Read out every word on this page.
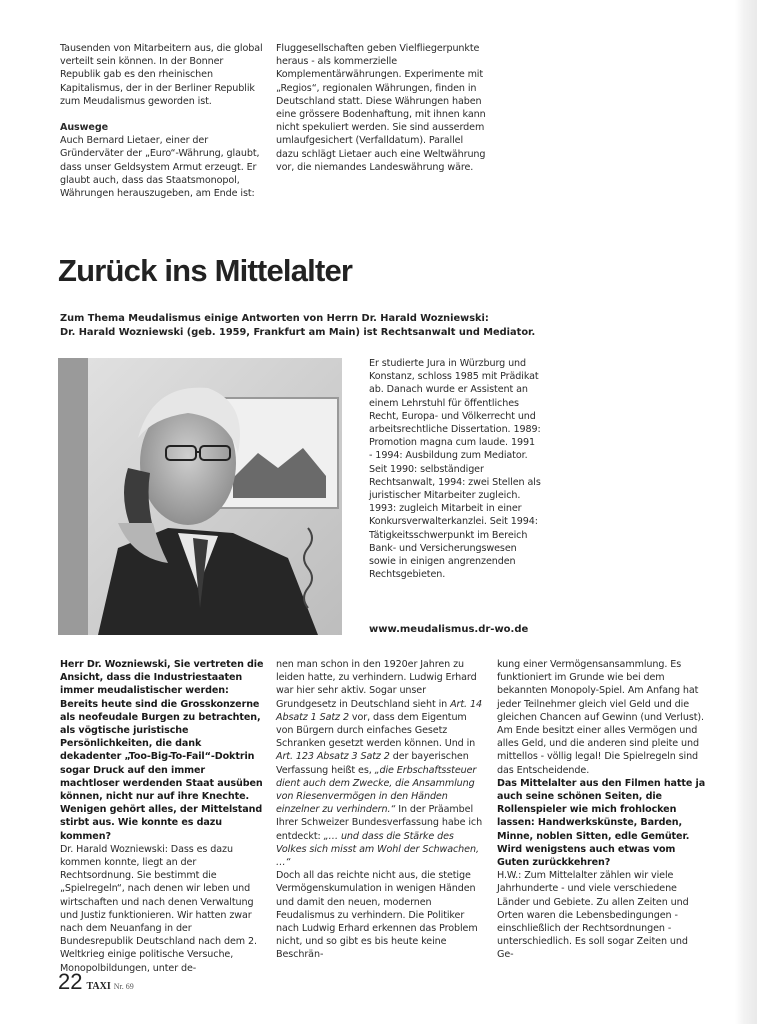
Tausenden von Mitarbeitern aus, die global verteilt sein können. In der Bonner Republik gab es den rheinischen Kapitalismus, der in der Berliner Republik zum Meudalismus geworden ist.

Auswege

Auch Bernard Lietaer, einer der Gründerväter der „Euro“-Währung, glaubt, dass unser Geldsystem Armut erzeugt. Er glaubt auch, dass das Staatsmonopol, Währungen herauszugeben, am Ende ist:

Fluggesellschaften geben Vielfliegerpunkte heraus - als kommerzielle Komplementärwährungen. Experimente mit „Regios“, regionalen Währungen, finden in Deutschland statt. Diese Währungen haben eine grössere Bodenhaftung, mit ihnen kann nicht spekuliert werden. Sie sind ausserdem umlaufgesichert (Verfalldatum). Parallel dazu schlägt Lietaer auch eine Weltwährung vor, die niemandes Landeswährung wäre.

Zurück ins Mittelalter
Zum Thema Meudalismus einige Antworten von Herrn Dr. Harald Wozniewski:
Dr. Harald Wozniewski (geb. 1959, Frankfurt am Main) ist Rechtsanwalt und Mediator.

Er studierte Jura in Würzburg und Konstanz, schloss 1985 mit Prädikat ab. Danach wurde er Assistent an einem Lehrstuhl für öffentliches Recht, Europa- und Völkerrecht und arbeitsrechtliche Dissertation. 1989: Promotion magna cum laude. 1991 - 1994: Ausbildung zum Mediator. Seit 1990: selbständiger Rechtsanwalt, 1994: zwei Stellen als juristischer Mitarbeiter zugleich. 1993: zugleich Mitarbeit in einer Konkursverwalterkanzlei. Seit 1994: Tätigkeitsschwerpunkt im Bereich Bank- und Versicherungswesen sowie in einigen angrenzenden Rechtsgebieten.

www.meudalismus.dr-wo.de

Herr Dr. Wozniewski, Sie vertreten die Ansicht, dass die Industriestaaten immer meudalistischer werden: Bereits heute sind die Grosskonzerne als neofeudale Burgen zu betrachten, als vögtische juristische Persönlichkeiten, die dank dekadenter „Too-Big-To-Fail“-Doktrin sogar Druck auf den immer machtloser werdenden Staat ausüben können, nicht nur auf ihre Knechte. Wenigen gehört alles, der Mittelstand stirbt aus. Wie konnte es dazu kommen?

Dr. Harald Wozniewski: Dass es dazu kommen konnte, liegt an der Rechtsordnung. Sie bestimmt die „Spielregeln“, nach denen wir leben und wirtschaften und nach denen Verwaltung und Justiz funktionieren. Wir hatten zwar nach dem Neuanfang in der Bundesrepublik Deutschland nach dem 2. Weltkrieg einige politische Versuche, Monopolbildungen, unter de-

nen man schon in den 1920er Jahren zu leiden hatte, zu verhindern. Ludwig Erhard war hier sehr aktiv. Sogar unser Grundgesetz in Deutschland sieht in Art. 14 Absatz 1 Satz 2 vor, dass dem Eigentum von Bürgern durch einfaches Gesetz Schranken gesetzt werden können. Und in Art. 123 Absatz 3 Satz 2 der bayerischen Verfassung heißt es, „die Erbschaftssteuer dient auch dem Zwecke, die Ansammlung von Riesenvermögen in den Händen einzelner zu verhindern.“ In der Präambel Ihrer Schweizer Bundesverfassung habe ich entdeckt: „… und dass die Stärke des Volkes sich misst am Wohl der Schwachen, …“

Doch all das reichte nicht aus, die stetige Vermögenskumulation in wenigen Händen und damit den neuen, modernen Feudalismus zu verhindern. Die Politiker nach Ludwig Erhard erkennen das Problem nicht, und so gibt es bis heute keine Beschrän-

kung einer Vermögensansammlung. Es funktioniert im Grunde wie bei dem bekannten Monopoly-Spiel. Am Anfang hat jeder Teilnehmer gleich viel Geld und die gleichen Chancen auf Gewinn (und Verlust). Am Ende besitzt einer alles Vermögen und alles Geld, und die anderen sind pleite und mittellos - völlig legal! Die Spielregeln sind das Entscheidende.

Das Mittelalter aus den Filmen hatte ja auch seine schönen Seiten, die Rollenspieler wie mich frohlocken lassen: Handwerkskünste, Barden, Minne, noblen Sitten, edle Gemüter. Wird wenigstens auch etwas vom Guten zurückkehren?

H.W.: Zum Mittelalter zählen wir viele Jahrhunderte - und viele verschiedene Länder und Gebiete. Zu allen Zeiten und Orten waren die Lebensbedingungen - einschließlich der Rechtsordnungen - unterschiedlich. Es soll sogar Zeiten und Ge-

22 TAXI Nr. 69
